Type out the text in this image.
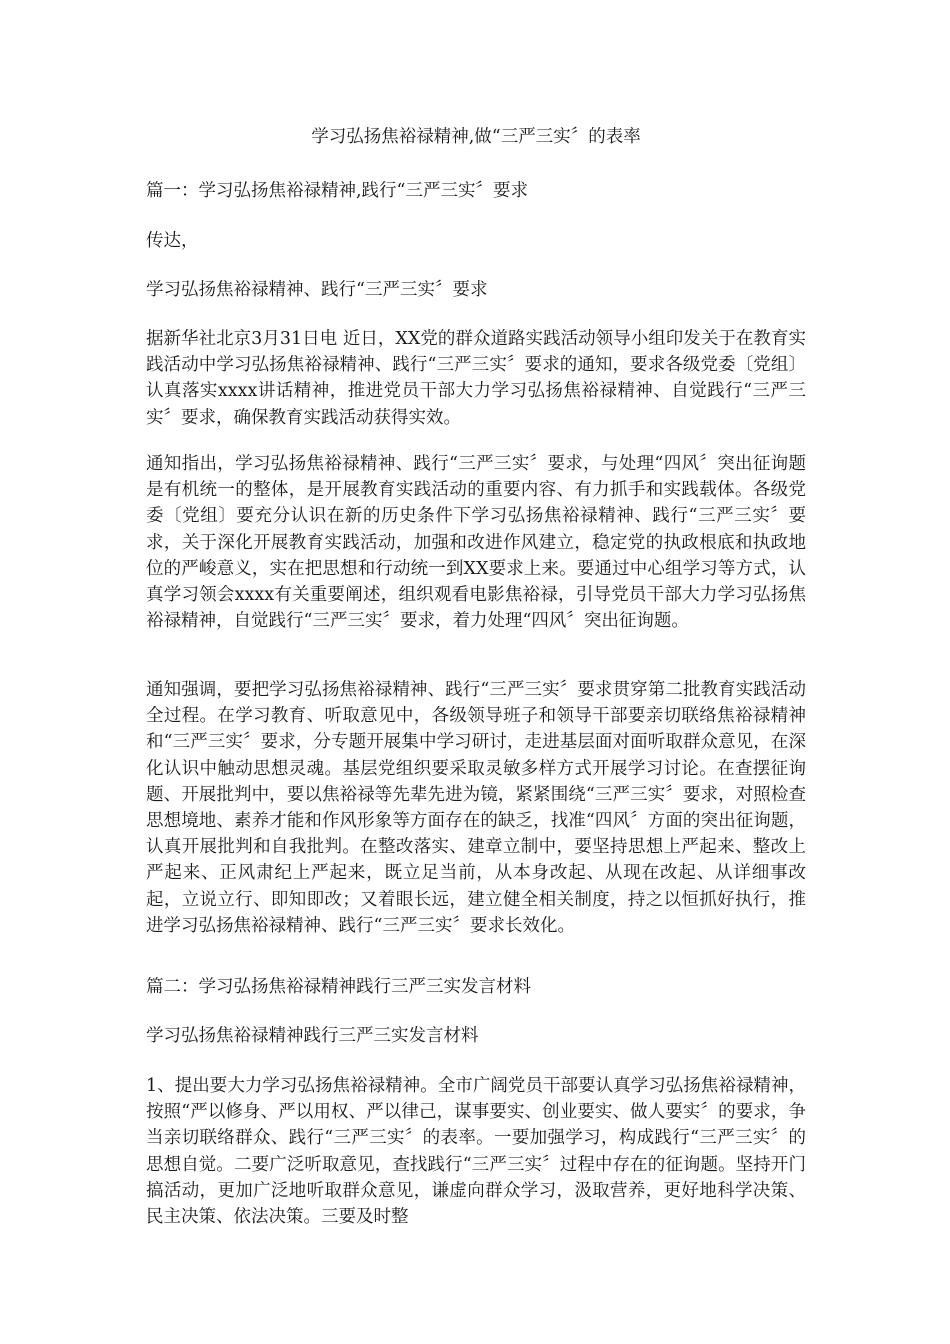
学习弘扬焦裕禄精神,做“三严三实〞的表率

篇一：学习弘扬焦裕禄精神,践行“三严三实〞要求

传达，

学习弘扬焦裕禄精神、践行“三严三实〞要求

据新华社北京3月31日电 近日，XX党的群众道路实践活动领导小组印发关于在教育实践活动中学习弘扬焦裕禄精神、践行“三严三实〞要求的通知，要求各级党委〔党组〕认真落实xxxx讲话精神，推进党员干部大力学习弘扬焦裕禄精神、自觉践行“三严三实〞要求，确保教育实践活动获得实效。

通知指出，学习弘扬焦裕禄精神、践行“三严三实〞要求，与处理“四风〞突出征询题是有机统一的整体，是开展教育实践活动的重要内容、有力抓手和实践载体。各级党委〔党组〕要充分认识在新的历史条件下学习弘扬焦裕禄精神、践行“三严三实〞要求，关于深化开展教育实践活动，加强和改进作风建立，稳定党的执政根底和执政地位的严峻意义，实在把思想和行动统一到XX要求上来。要通过中心组学习等方式，认真学习领会xxxx有关重要阐述，组织观看电影焦裕禄，引导党员干部大力学习弘扬焦裕禄精神，自觉践行“三严三实〞要求，着力处理“四风〞突出征询题。

通知强调，要把学习弘扬焦裕禄精神、践行“三严三实〞要求贯穿第二批教育实践活动全过程。在学习教育、听取意见中，各级领导班子和领导干部要亲切联络焦裕禄精神和“三严三实〞要求，分专题开展集中学习研讨，走进基层面对面听取群众意见，在深化认识中触动思想灵魂。基层党组织要采取灵敏多样方式开展学习讨论。在查摆征询题、开展批判中，要以焦裕禄等先辈先进为镜，紧紧围绕“三严三实〞要求，对照检查思想境地、素养才能和作风形象等方面存在的缺乏，找准“四风〞方面的突出征询题，认真开展批判和自我批判。在整改落实、建章立制中，要坚持思想上严起来、整改上严起来、正风肃纪上严起来，既立足当前，从本身改起、从现在改起、从详细事改起，立说立行、即知即改；又着眼长远，建立健全相关制度，持之以恒抓好执行，推进学习弘扬焦裕禄精神、践行“三严三实〞要求长效化。

篇二：学习弘扬焦裕禄精神践行三严三实发言材料

学习弘扬焦裕禄精神践行三严三实发言材料

1、提出要大力学习弘扬焦裕禄精神。全市广阔党员干部要认真学习弘扬焦裕禄精神，按照“严以修身、严以用权、严以律己，谋事要实、创业要实、做人要实〞的要求，争当亲切联络群众、践行“三严三实〞的表率。一要加强学习，构成践行“三严三实〞的思想自觉。二要广泛听取意见，查找践行“三严三实〞过程中存在的征询题。坚持开门搞活动，更加广泛地听取群众意见，谦虚向群众学习，汲取营养，更好地科学决策、民主决策、依法决策。三要及时整
